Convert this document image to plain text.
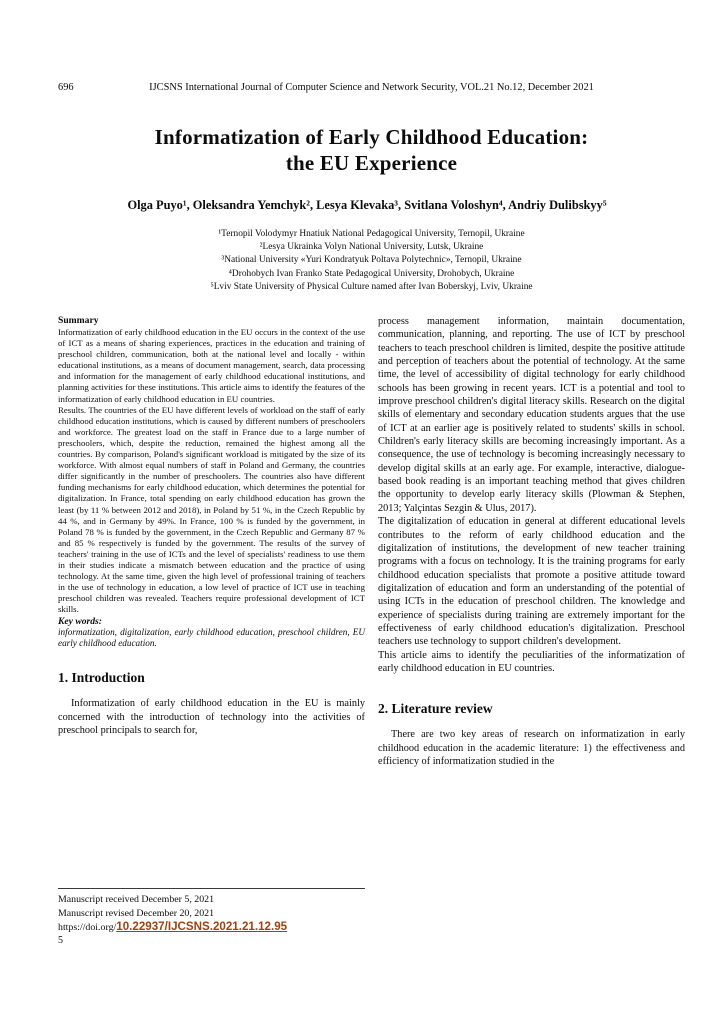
696	IJCSNS International Journal of Computer Science and Network Security, VOL.21 No.12, December 2021
Informatization of Early Childhood Education:
the EU Experience
Olga Puyo¹, Oleksandra Yemchyk², Lesya Klevaka³, Svitlana Voloshyn⁴, Andriy Dulibskyy⁵
¹Ternopil Volodymyr Hnatiuk National Pedagogical University, Ternopil, Ukraine
²Lesya Ukrainka Volyn National University, Lutsk, Ukraine
³National University «Yuri Kondratyuk Poltava Polytechnic», Ternopil, Ukraine
⁴Drohobych Ivan Franko State Pedagogical University, Drohobych, Ukraine
⁵Lviv State University of Physical Culture named after Ivan Boberskyj, Lviv, Ukraine
Summary

Informatization of early childhood education in the EU occurs in the context of the use of ICT as a means of sharing experiences, practices in the education and training of preschool children, communication, both at the national level and locally - within educational institutions, as a means of document management, search, data processing and information for the management of early childhood educational institutions, and planning activities for these institutions. This article aims to identify the features of the informatization of early childhood education in EU countries.

Results. The countries of the EU have different levels of workload on the staff of early childhood education institutions, which is caused by different numbers of preschoolers and workforce. The greatest load on the staff in France due to a large number of preschoolers, which, despite the reduction, remained the highest among all the countries. By comparison, Poland's significant workload is mitigated by the size of its workforce. With almost equal numbers of staff in Poland and Germany, the countries differ significantly in the number of preschoolers. The countries also have different funding mechanisms for early childhood education, which determines the potential for digitalization. In France, total spending on early childhood education has grown the least (by 11 % between 2012 and 2018), in Poland by 51 %, in the Czech Republic by 44 %, and in Germany by 49%. In France, 100 % is funded by the government, in Poland 78 % is funded by the government, in the Czech Republic and Germany 87 % and 85 % respectively is funded by the government. The results of the survey of teachers' training in the use of ICTs and the level of specialists' readiness to use them in their studies indicate a mismatch between education and the practice of using technology. At the same time, given the high level of professional training of teachers in the use of technology in education, a low level of practice of ICT use in teaching preschool children was revealed. Teachers require professional development of ICT skills.

Key words:

informatization, digitalization, early childhood education, preschool children, EU early childhood education.

1. Introduction

Informatization of early childhood education in the EU is mainly concerned with the introduction of technology into the activities of preschool principals to search for,

Manuscript received December 5, 2021
Manuscript revised December 20, 2021
https://doi.org/10.22937/IJCSNS.2021.21.12.95
5

process management information, maintain documentation, communication, planning, and reporting. The use of ICT by preschool teachers to teach preschool children is limited, despite the positive attitude and perception of teachers about the potential of technology. At the same time, the level of accessibility of digital technology for early childhood schools has been growing in recent years. ICT is a potential and tool to improve preschool children's digital literacy skills. Research on the digital skills of elementary and secondary education students argues that the use of ICT at an earlier age is positively related to students' skills in school. Children's early literacy skills are becoming increasingly important. As a consequence, the use of technology is becoming increasingly necessary to develop digital skills at an early age. For example, interactive, dialogue-based book reading is an important teaching method that gives children the opportunity to develop early literacy skills (Plowman & Stephen, 2013; Yalçintas Sezgin & Ulus, 2017).

The digitalization of education in general at different educational levels contributes to the reform of early childhood education and the digitalization of institutions, the development of new teacher training programs with a focus on technology. It is the training programs for early childhood education specialists that promote a positive attitude toward digitalization of education and form an understanding of the potential of using ICTs in the education of preschool children. The knowledge and experience of specialists during training are extremely important for the effectiveness of early childhood education's digitalization. Preschool teachers use technology to support children's development.

This article aims to identify the peculiarities of the informatization of early childhood education in EU countries.

2. Literature review

There are two key areas of research on informatization in early childhood education in the academic literature: 1) the effectiveness and efficiency of informatization studied in the
